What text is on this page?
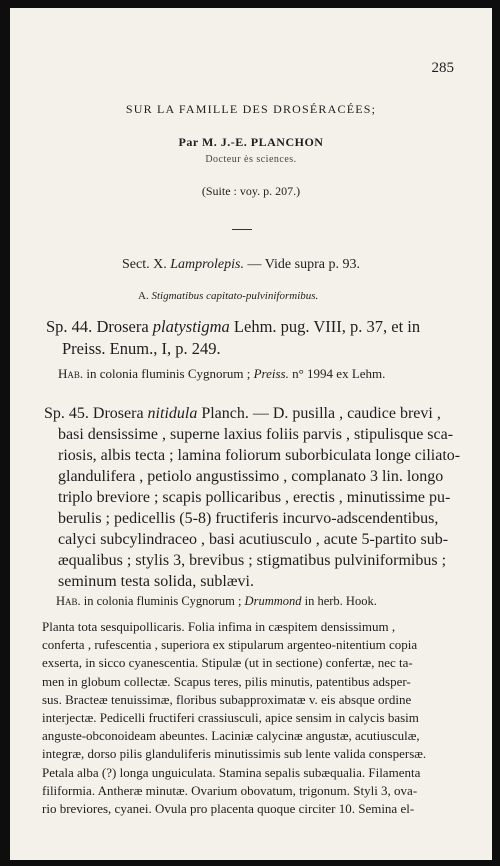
285
SUR LA FAMILLE DES DROSÉRACÉES;
Par M. J.-E. PLANCHON
Docteur ès sciences.
(Suite : voy. p. 207.)
Sect. X. Lamprolepis. — Vide supra p. 93.
A. Stigmatibus capitato-pulviniformibus.
Sp. 44. Drosera platystigma Lehm. pug. VIII, p. 37, et in
Preiss. Enum., I, p. 249.
Hab. in colonia fluminis Cygnorum ; Preiss. n° 1994 ex Lehm.
Sp. 45. Drosera nitidula Planch. — D. pusilla , caudice brevi ,
basi densissime , superne laxius foliis parvis , stipulisque sca-
riosis, albis tecta ; lamina foliorum suborbiculata longe ciliato-
glandulifera , petiolo angustissimo , complanato 3 lin. longo
triplo breviore ; scapis pollicaribus , erectis , minutissime pu-
berulis ; pedicellis (5-8) fructiferis incurvo-adscendentibus,
calyci subcylindraceo , basi acutiusculo , acute 5-partito sub-
æqualibus ; stylis 3, brevibus ; stigmatibus pulviniformibus ;
seminum testa solida, sublævi.
Hab. in colonia fluminis Cygnorum ; Drummond in herb. Hook.
Planta tota sesquipollicaris. Folia infima in cæspitem densissimum ,
conferta , rufescentia , superiora ex stipularum argenteo-nitentium copia
exserta, in sicco cyanescentia. Stipulæ (ut in sectione) confertæ, nec ta-
men in globum collectæ. Scapus teres, pilis minutis, patentibus adsper-
sus. Bracteæ tenuissimæ, floribus subapproximatæ v. eis absque ordine
interjectæ. Pedicelli fructiferi crassiusculi, apice sensim in calycis basim
anguste-obconoideam abeuntes. Laciniæ calycinæ angustæ, acutiusculæ,
integræ, dorso pilis glanduliferis minutissimis sub lente valida conspersæ.
Petala alba (?) longa unguiculata. Stamina sepalis subæqualia. Filamenta
filiformia. Antheræ minutæ. Ovarium obovatum, trigonum. Styli 3, ova-
rio breviores, cyanei. Ovula pro placenta quoque circiter 10. Semina el-
